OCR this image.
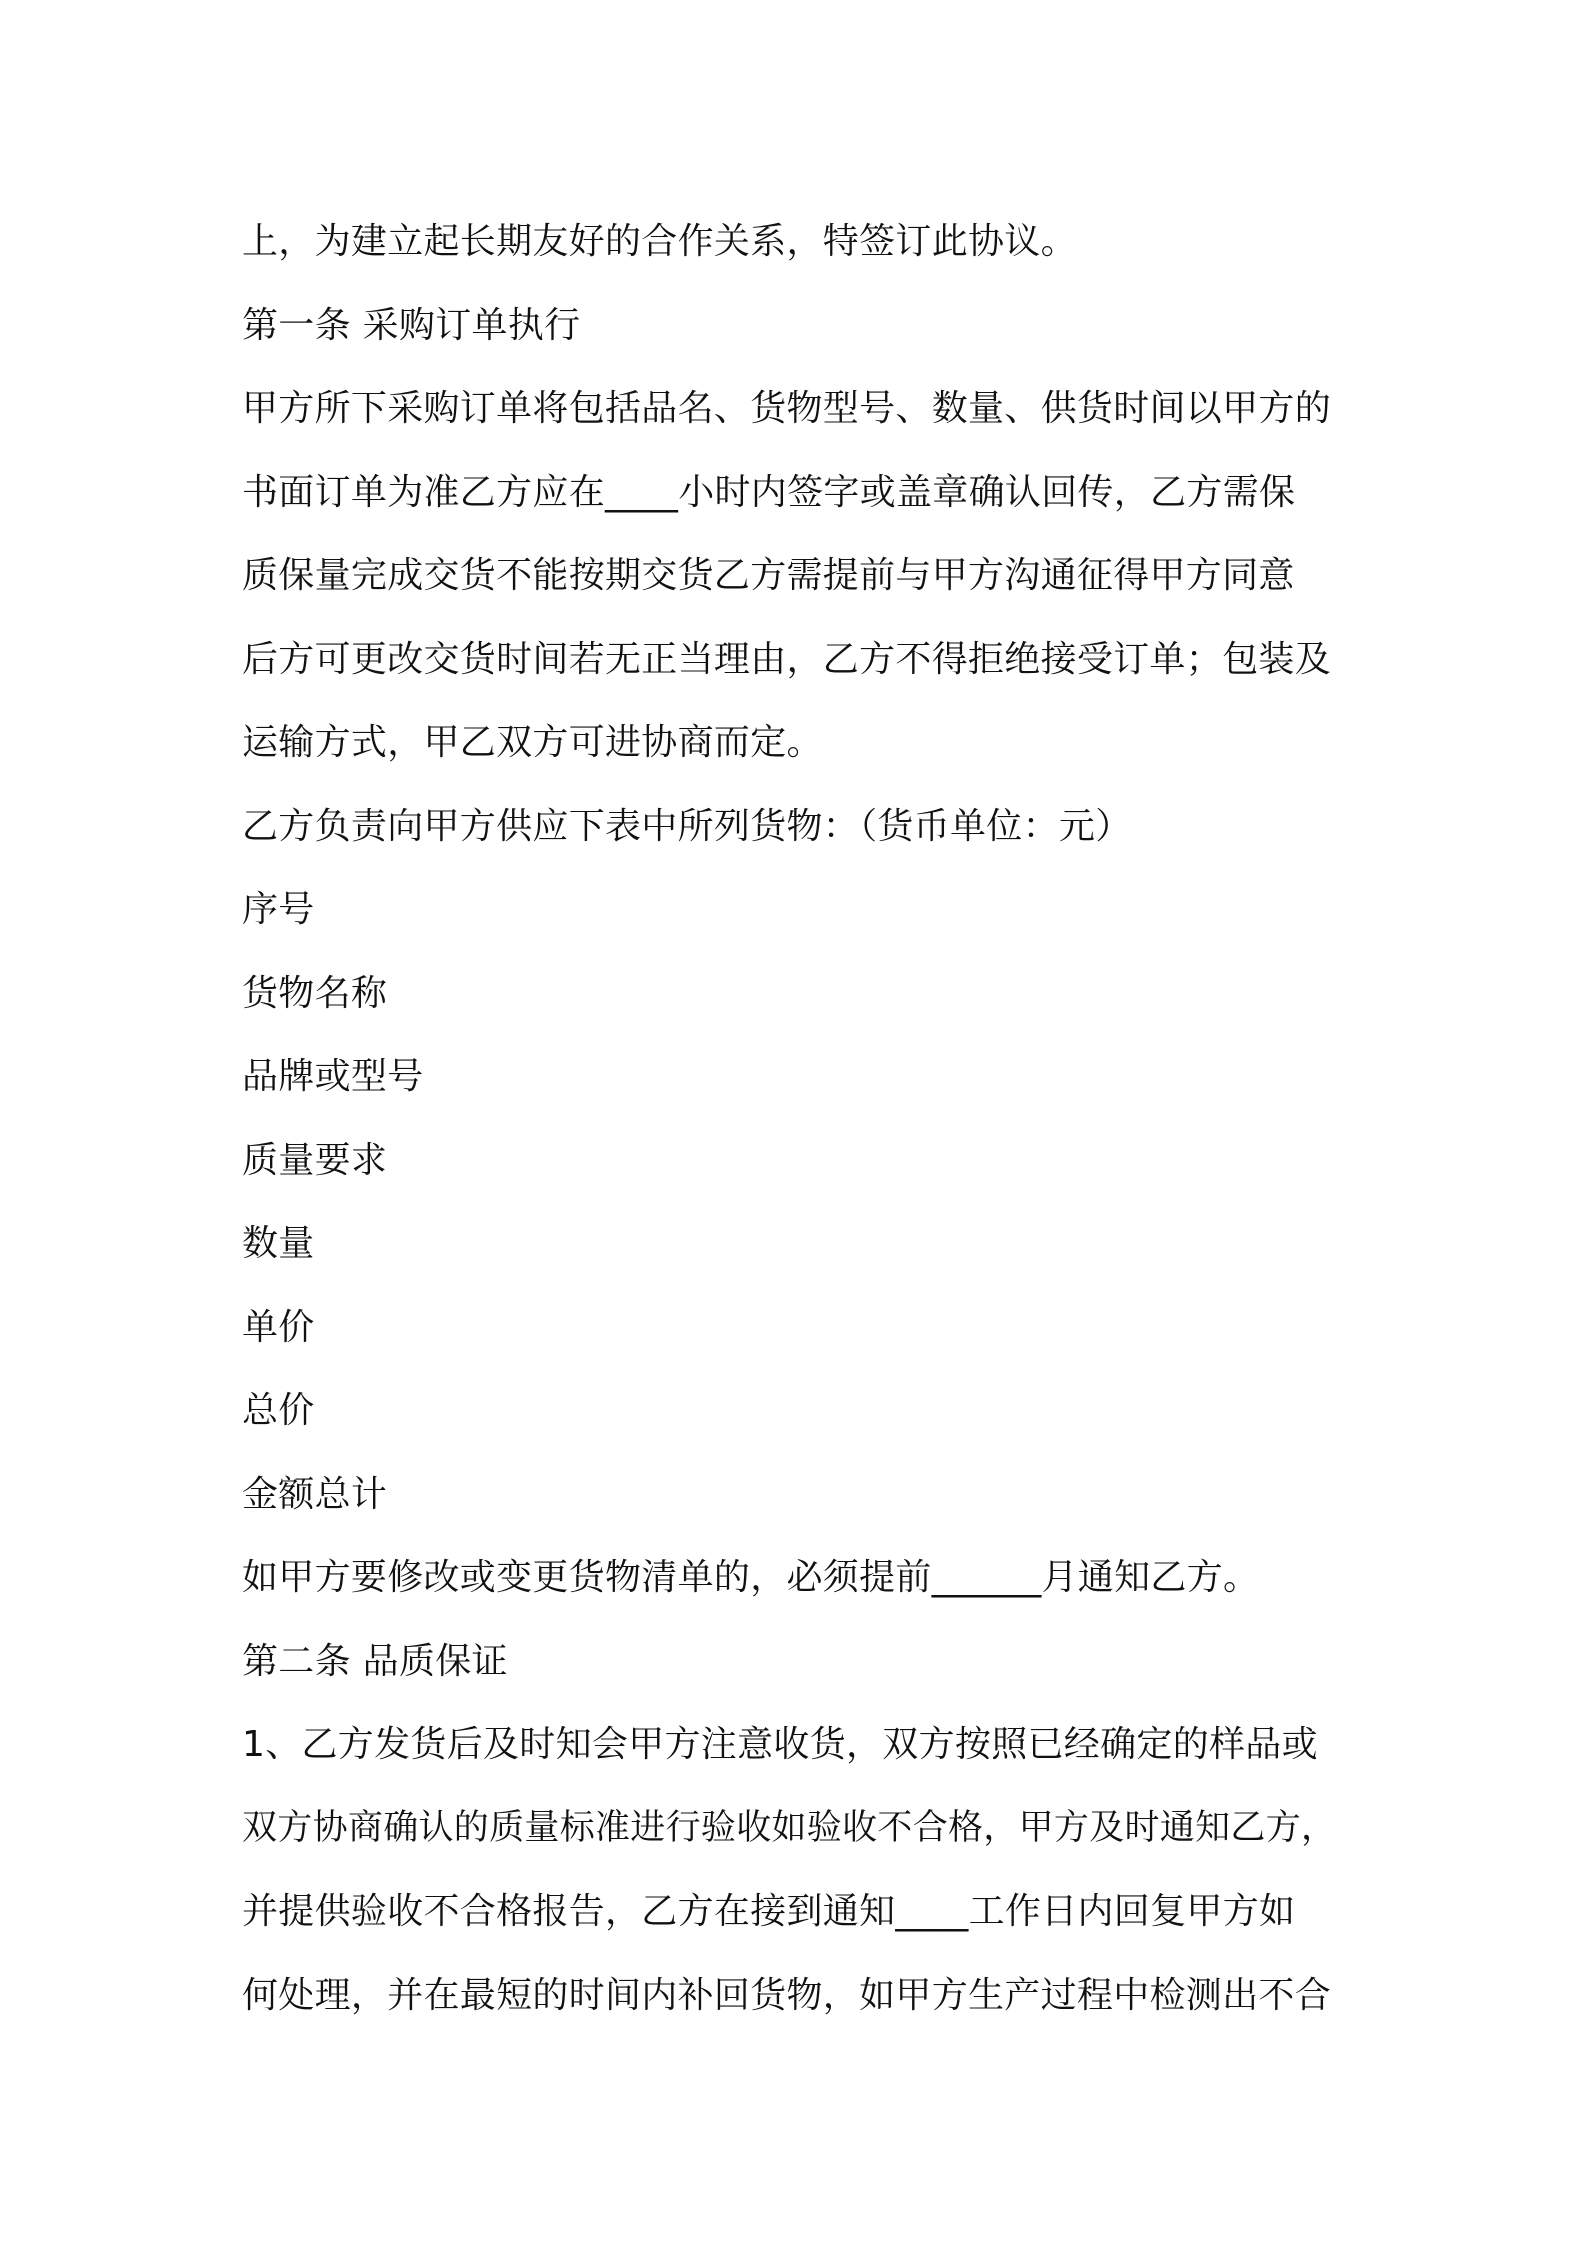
上，为建立起长期友好的合作关系，特签订此协议。
第一条 采购订单执行
甲方所下采购订单将包括品名、货物型号、数量、供货时间以甲方的
书面订单为准乙方应在____小时内签字或盖章确认回传，乙方需保
质保量完成交货不能按期交货乙方需提前与甲方沟通征得甲方同意
后方可更改交货时间若无正当理由，乙方不得拒绝接受订单；包装及
运输方式，甲乙双方可进协商而定。
乙方负责向甲方供应下表中所列货物：（货币单位：元）
序号
货物名称
品牌或型号
质量要求
数量
单价
总价
金额总计
如甲方要修改或变更货物清单的，必须提前______月通知乙方。
第二条 品质保证
1、乙方发货后及时知会甲方注意收货，双方按照已经确定的样品或
双方协商确认的质量标准进行验收如验收不合格，甲方及时通知乙方，
并提供验收不合格报告，乙方在接到通知____工作日内回复甲方如
何处理，并在最短的时间内补回货物，如甲方生产过程中检测出不合
